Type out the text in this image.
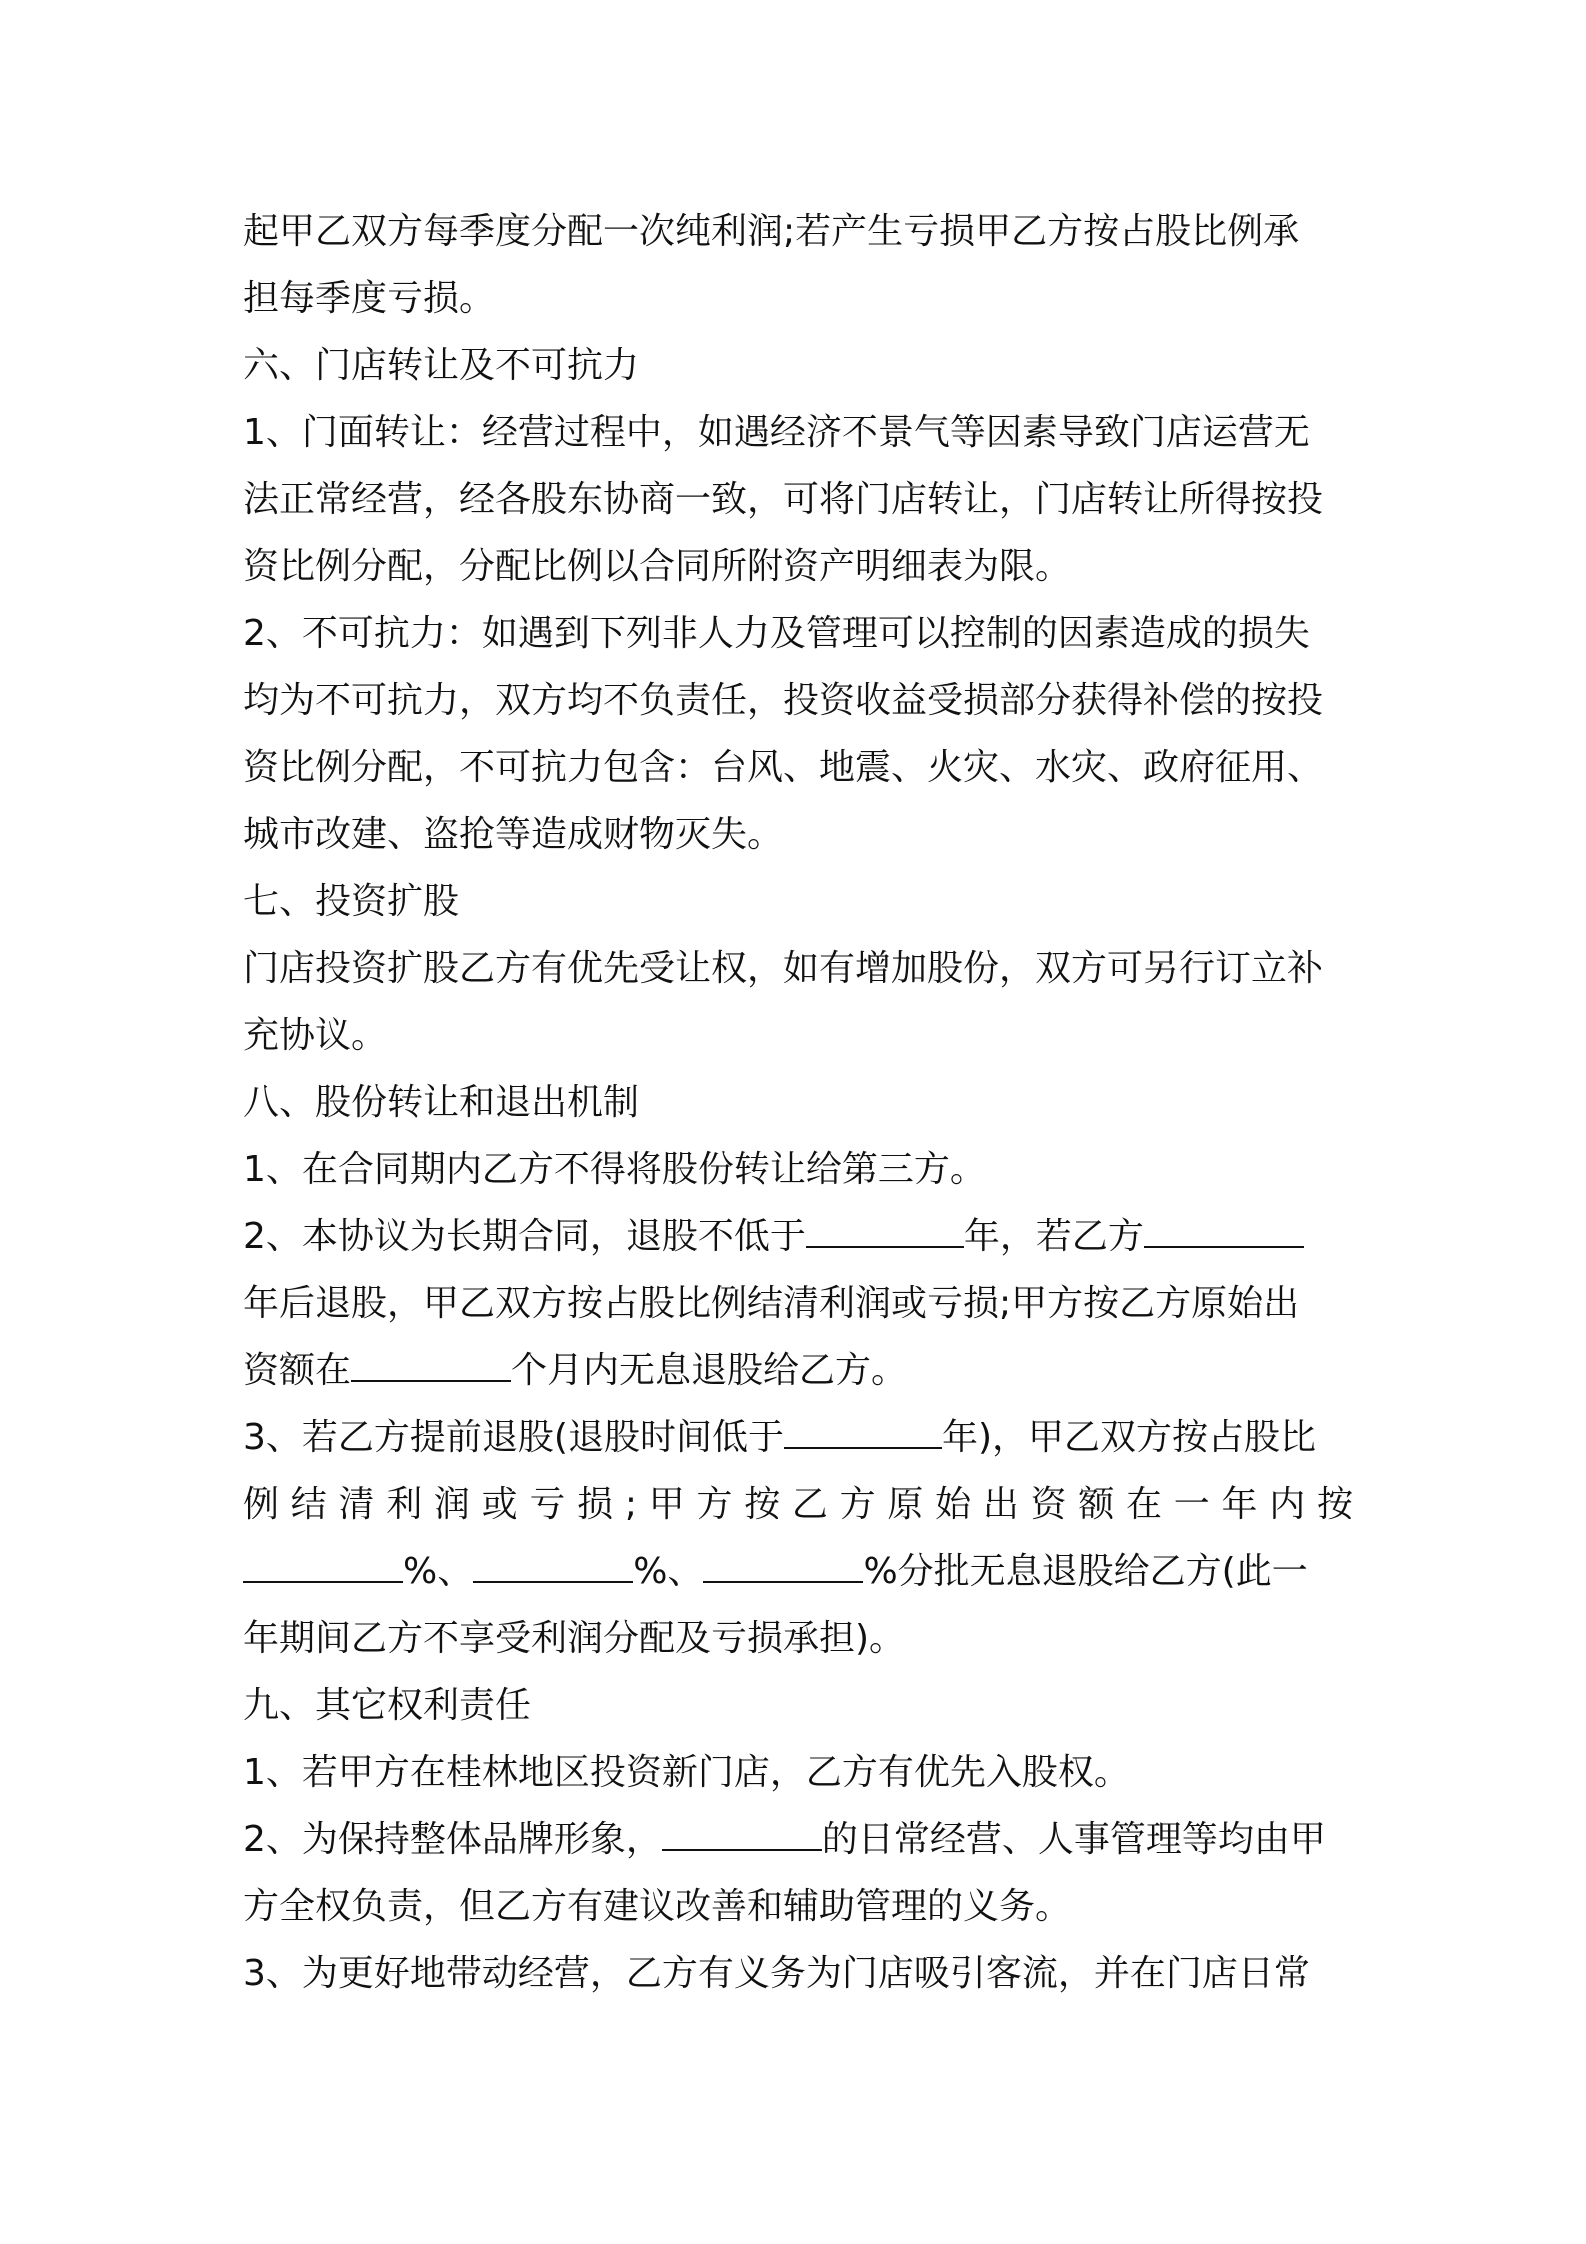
起甲乙双方每季度分配一次纯利润;若产生亏损甲乙方按占股比例承
担每季度亏损。
六、门店转让及不可抗力
1、门面转让：经营过程中，如遇经济不景气等因素导致门店运营无
法正常经营，经各股东协商一致，可将门店转让，门店转让所得按投
资比例分配，分配比例以合同所附资产明细表为限。
2、不可抗力：如遇到下列非人力及管理可以控制的因素造成的损失
均为不可抗力，双方均不负责任，投资收益受损部分获得补偿的按投
资比例分配，不可抗力包含：台风、地震、火灾、水灾、政府征用、
城市改建、盗抢等造成财物灭失。
七、投资扩股
门店投资扩股乙方有优先受让权，如有增加股份，双方可另行订立补
充协议。
八、股份转让和退出机制
1、在合同期内乙方不得将股份转让给第三方。
2、本协议为长期合同，退股不低于	年，若乙方
年后退股，甲乙双方按占股比例结清利润或亏损;甲方按乙方原始出
资额在	个月内无息退股给乙方。
3、若乙方提前退股(退股时间低于	年)，甲乙双方按占股比
例结清利润或亏损;甲方按乙方原始出资额在一年内按
%、	%、	%分批无息退股给乙方(此一
年期间乙方不享受利润分配及亏损承担)。
九、其它权利责任
1、若甲方在桂林地区投资新门店，乙方有优先入股权。
2、为保持整体品牌形象，	的日常经营、人事管理等均由甲
方全权负责，但乙方有建议改善和辅助管理的义务。
3、为更好地带动经营，乙方有义务为门店吸引客流，并在门店日常
